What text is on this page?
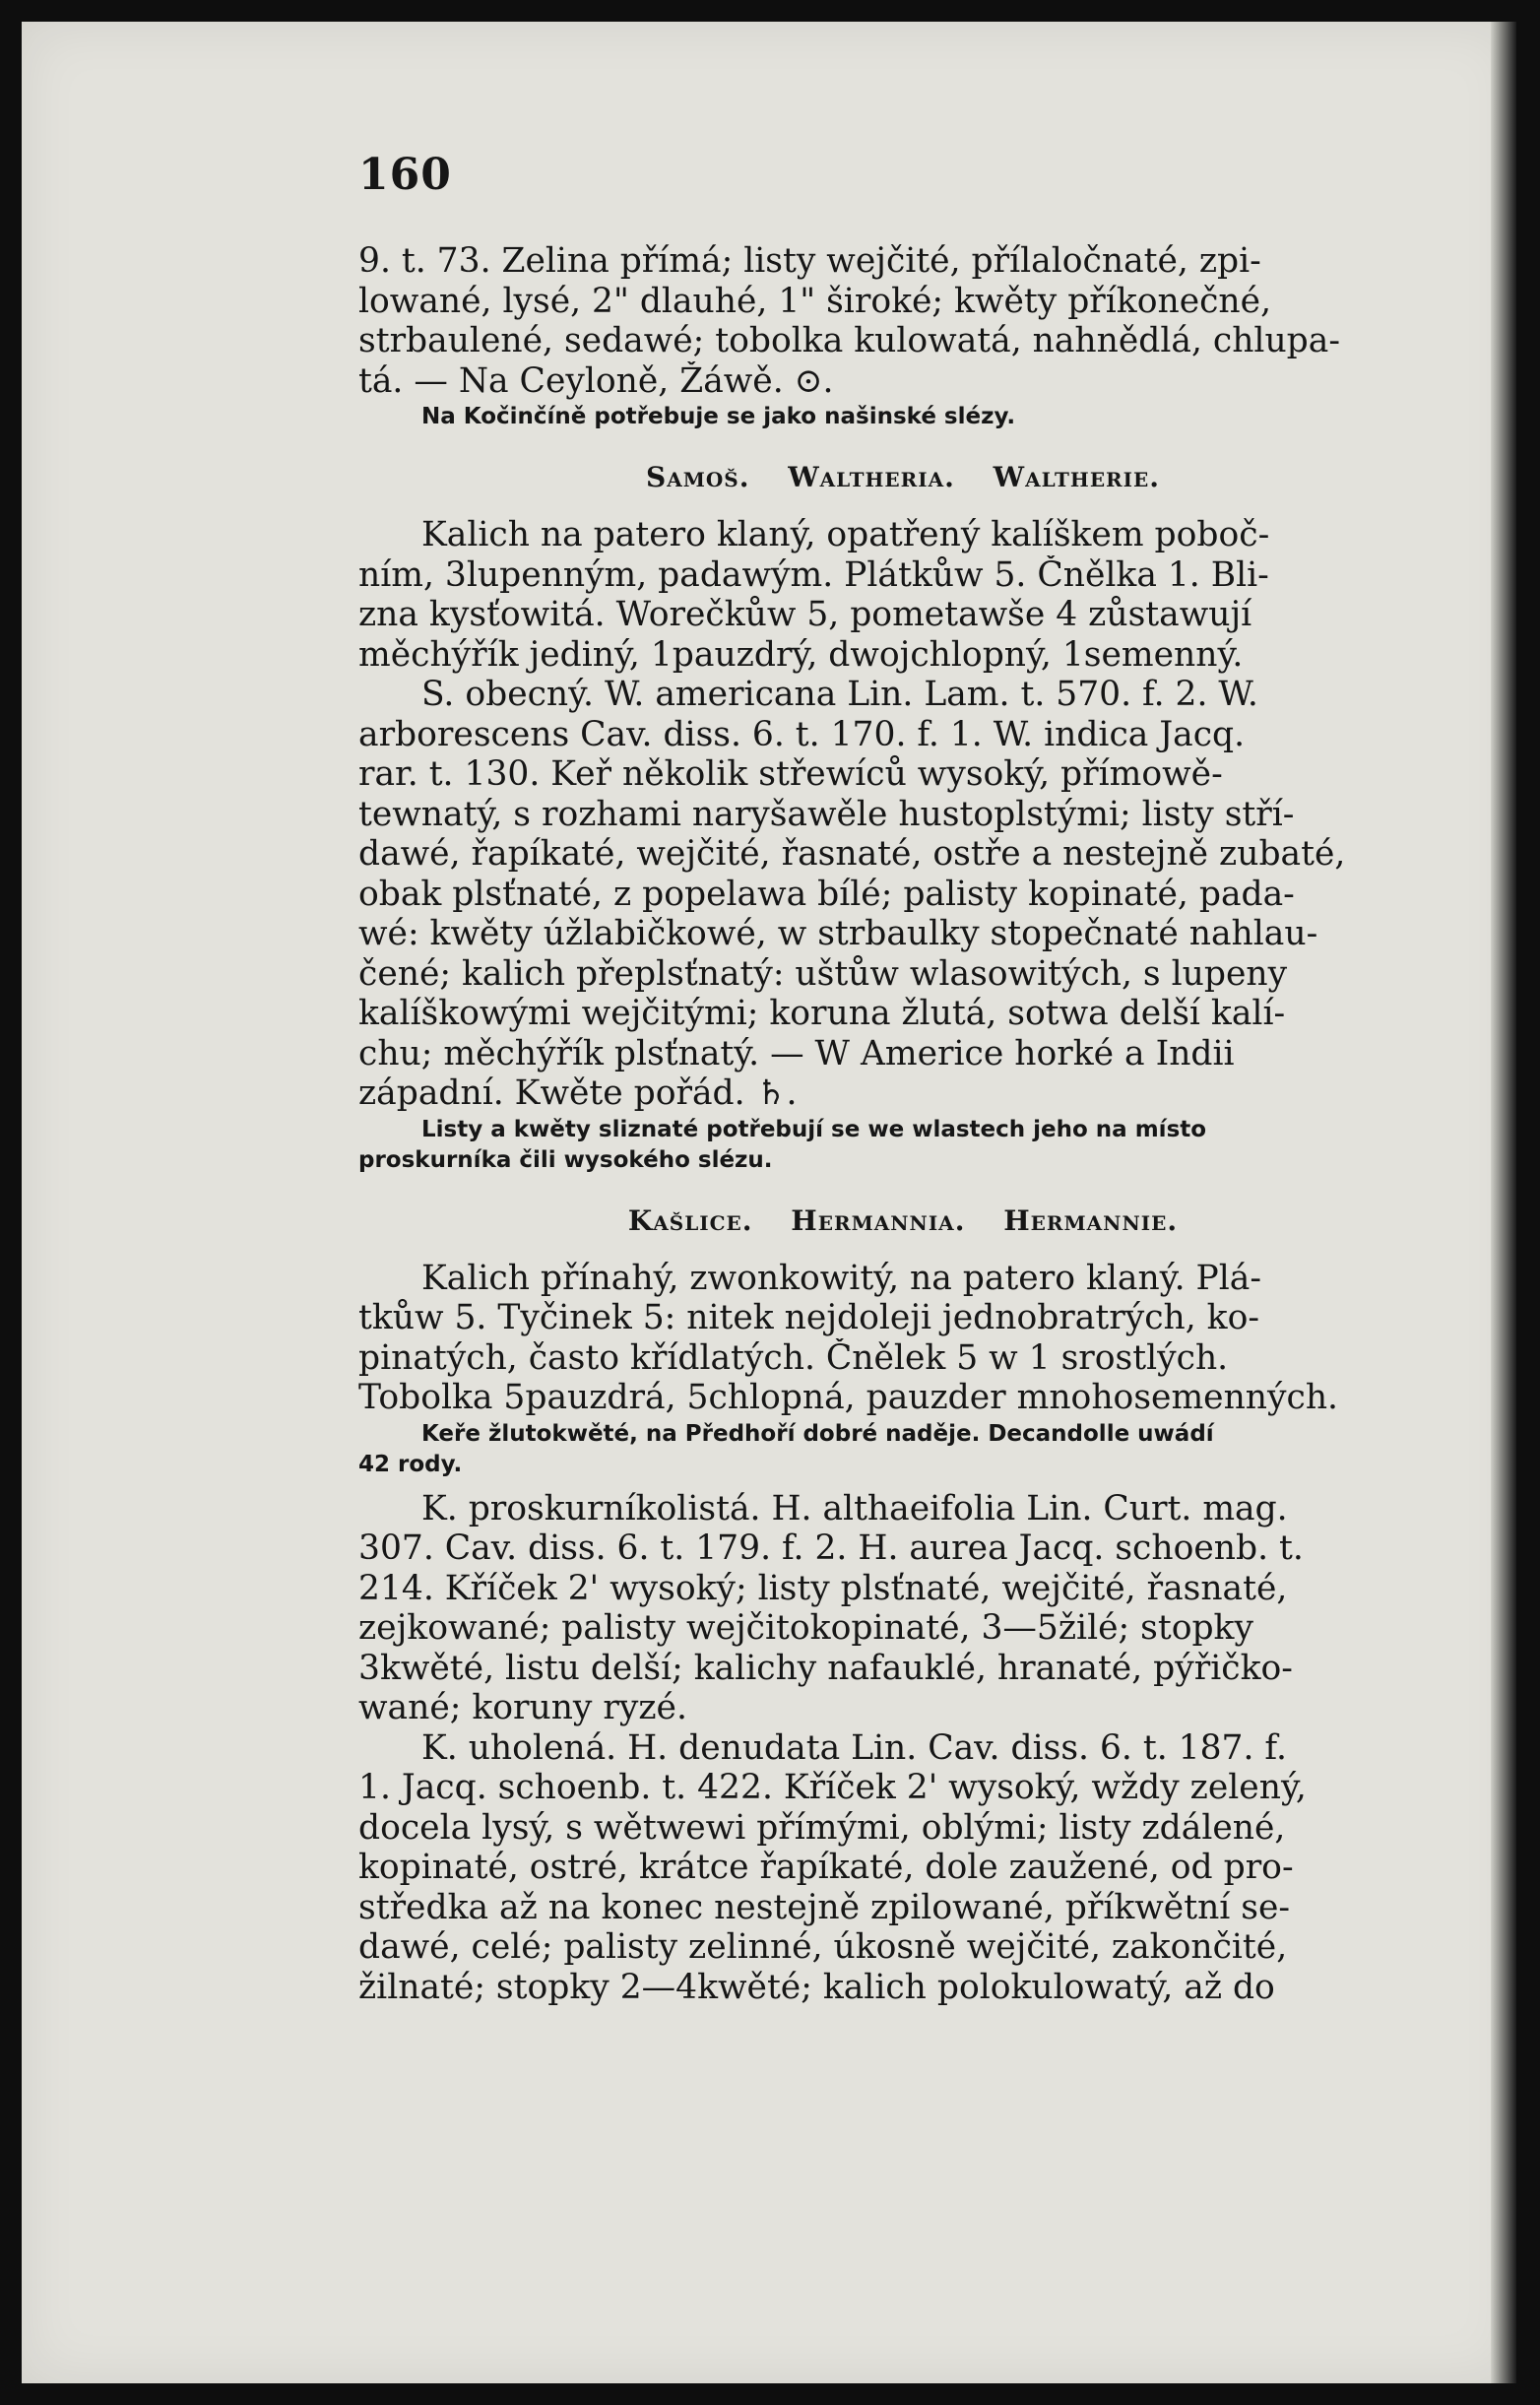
160
9. t. 73. Zelina přímá; listy wejčité, přílaločnaté, zpi-
lowané, lysé, 2" dlauhé, 1" široké; kwěty příkonečné,
strbaulené, sedawé; tobolka kulowatá, nahnědlá, chlupa-
tá. — Na Ceyloně, Žáwě. ⊙.
Na Kočinčíně potřebuje se jako našinské slézy.
Samoš. Waltheria. Waltherie.
Kalich na patero klaný, opatřený kalíškem poboč-
ním, 3lupenným, padawým. Plátkůw 5. Čnělka 1. Bli-
zna kysťowitá. Worečkůw 5, pometawše 4 zůstawují
měchýřík jediný, 1pauzdrý, dwojchlopný, 1semenný.
S. obecný. W. americana Lin. Lam. t. 570. f. 2. W.
arborescens Cav. diss. 6. t. 170. f. 1. W. indica Jacq.
rar. t. 130. Keř několik střewíců wysoký, přímowě-
tewnatý, s rozhami naryšawěle hustoplstými; listy stří-
dawé, řapíkaté, wejčité, řasnaté, ostře a nestejně zubaté,
obak plsťnaté, z popelawa bílé; palisty kopinaté, pada-
wé: kwěty úžlabičkowé, w strbaulky stopečnaté nahlau-
čené; kalich přeplsťnatý: uštůw wlasowitých, s lupeny
kalíškowými wejčitými; koruna žlutá, sotwa delší kalí-
chu; měchýřík plsťnatý. — W Americe horké a Indii
západní. Kwěte pořád. ♄.
Listy a kwěty sliznaté potřebují se we wlastech jeho na místo
proskurníka čili wysokého slézu.
Kašlice. Hermannia. Hermannie.
Kalich přínahý, zwonkowitý, na patero klaný. Plá-
tkůw 5. Tyčinek 5: nitek nejdoleji jednobratrých, ko-
pinatých, často křídlatých. Čnělek 5 w 1 srostlých.
Tobolka 5pauzdrá, 5chlopná, pauzder mnohosemenných.
Keře žlutokwěté, na Předhoří dobré naděje. Decandolle uwádí
42 rody.
K. proskurníkolistá. H. althaeifolia Lin. Curt. mag.
307. Cav. diss. 6. t. 179. f. 2. H. aurea Jacq. schoenb. t.
214. Kříček 2' wysoký; listy plsťnaté, wejčité, řasnaté,
zejkowané; palisty wejčitokopinaté, 3—5žilé; stopky
3kwěté, listu delší; kalichy nafauklé, hranaté, pýřičko-
wané; koruny ryzé.
K. uholená. H. denudata Lin. Cav. diss. 6. t. 187. f.
1. Jacq. schoenb. t. 422. Kříček 2' wysoký, wždy zelený,
docela lysý, s wětwewi přímými, oblými; listy zdálené,
kopinaté, ostré, krátce řapíkaté, dole zaužené, od pro-
středka až na konec nestejně zpilowané, příkwětní se-
dawé, celé; palisty zelinné, úkosně wejčité, zakončité,
žilnaté; stopky 2—4kwěté; kalich polokulowatý, až do
